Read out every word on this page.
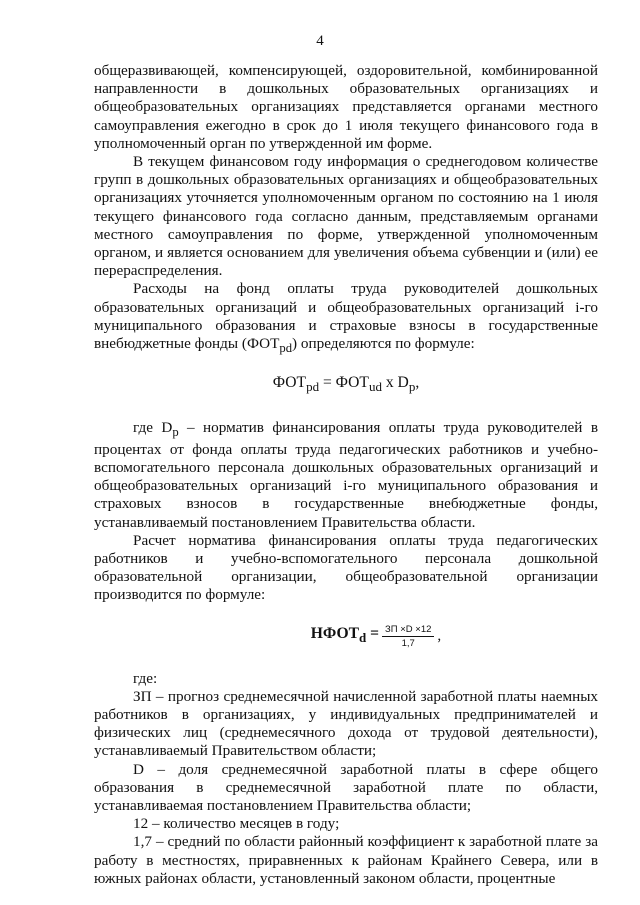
4

общеразвивающей, компенсирующей, оздоровительной, комбинированной направленности в дошкольных образовательных организациях и общеобразовательных организациях представляется органами местного самоуправления ежегодно в срок до 1 июля текущего финансового года в уполномоченный орган по утвержденной им форме.

В текущем финансовом году информация о среднегодовом количестве групп в дошкольных образовательных организациях и общеобразовательных организациях уточняется уполномоченным органом по состоянию на 1 июля текущего финансового года согласно данным, представляемым органами местного самоуправления по форме, утвержденной уполномоченным органом, и является основанием для увеличения объема субвенции и (или) ее перераспределения.

Расходы на фонд оплаты труда руководителей дошкольных образовательных организаций и общеобразовательных организаций i-го муниципального образования и страховые взносы в государственные внебюджетные фонды $(ФОТ_{pd})$ определяются по формуле:

$ФОТ_{pd} = ФОТ_{ud}$ x $D_p$,

где $D_p$ – норматив финансирования оплаты труда руководителей в процентах от фонда оплаты труда педагогических работников и учебно-вспомогательного персонала дошкольных образовательных организаций и общеобразовательных организаций i-го муниципального образования и страховых взносов в государственные внебюджетные фонды, устанавливаемый постановлением Правительства области.

Расчет норматива финансирования оплаты труда педагогических работников и учебно-вспомогательного персонала дошкольной образовательной организации, общеобразовательной организации производится по формуле:

$НФОТ_d = \frac{ЗП \times D \times 12}{1,7}$ ,

где:

ЗП – прогноз среднемесячной начисленной заработной платы наемных работников в организациях, у индивидуальных предпринимателей и физических лиц (среднемесячного дохода от трудовой деятельности), устанавливаемый Правительством области;

D – доля среднемесячной заработной платы в сфере общего образования в среднемесячной заработной плате по области, устанавливаемая постановлением Правительства области;

12 – количество месяцев в году;

1,7 – средний по области районный коэффициент к заработной плате за работу в местностях, приравненных к районам Крайнего Севера, или в южных районах области, установленный законом области, процентные
